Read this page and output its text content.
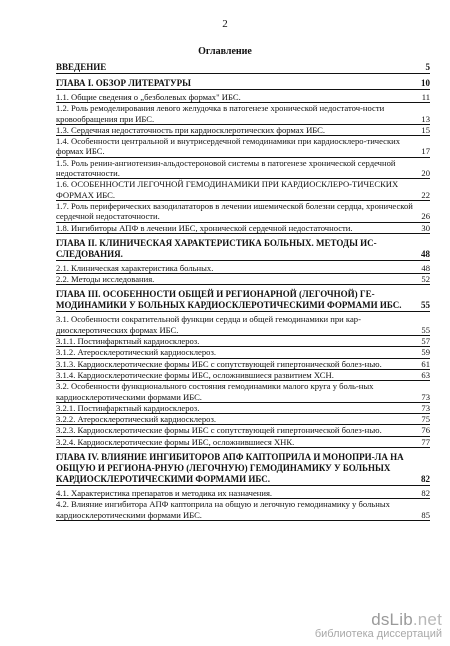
2
Оглавление
ВВЕДЕНИЕ	5
ГЛАВА I. ОБЗОР ЛИТЕРАТУРЫ	10
1.1. Общие сведения о „безболевых формах" ИБС.	11
1.2. Роль ремоделирования левого желудочка в патогенезе хронической недостаточ-ности кровообращения при ИБС.	13
1.3. Сердечная недостаточность при кардиосклеротических формах ИБС.	15
1.4. Особенности центральной и внутрисердечной гемодинамики при кардиосклеро-тических формах ИБС.	17
1.5. Роль ренин-ангиотензин-альдостероновой системы в патогенезе хронической сердечной недостаточности.	20
1.6. ОСОБЕННОСТИ ЛЕГОЧНОЙ ГЕМОДИНАМИКИ ПРИ КАРДИОСКЛЕРО-ТИЧЕСКИХ ФОРМАХ ИБС.	22
1.7. Роль периферических вазодилататоров в лечении ишемической болезни сердца, хронической сердечной недостаточности.	26
1.8. Ингибиторы АПФ в лечении ИБС, хронической сердечной недостаточности.	30
ГЛАВА II. КЛИНИЧЕСКАЯ ХАРАКТЕРИСТИКА БОЛЬНЫХ. МЕТОДЫ ИС-СЛЕДОВАНИЯ.	48
2.1. Клиническая характеристика больных.	48
2.2. Методы исследования.	52
ГЛАВА III. ОСОБЕННОСТИ ОБЩЕЙ И РЕГИОНАРНОЙ (ЛЕГОЧНОЙ) ГЕ-МОДИНАМИКИ У БОЛЬНЫХ КАРДИОСКЛЕРОТИЧЕСКИМИ ФОРМАМИ ИБС.	55
3.1. Особенности сократительной функции сердца и общей гемодинамики при кар-диосклеротических формах ИБС.	55
3.1.1. Постинфарктный кардиосклероз.	57
3.1.2. Атеросклеротический кардиосклероз.	59
3.1.3. Кардиосклеротические формы ИБС с сопутствующей гипертонической болез-нью.	61
3.1.4. Кардиосклеротические формы ИБС, осложнившиеся развитием ХСН.	63
3.2. Особенности функционального состояния гемодинамики малого круга у боль-ных кардиосклеротическими формами ИБС.	73
3.2.1. Постинфарктный кардиосклероз.	73
3.2.2. Атеросклеротический кардиосклероз.	75
3.2.3. Кардиосклеротические формы ИБС с сопутствующей гипертонической болез-нью.	76
3.2.4. Кардиосклеротические формы ИБС, осложнившиеся ХНК.	77
ГЛАВА IV. ВЛИЯНИЕ ИНГИБИТОРОВ АПФ КАПТОПРИЛА И МОНОПРИ-ЛА НА ОБЩУЮ И РЕГИОНА-РНУЮ (ЛЕГОЧНУЮ) ГЕМОДИНАМИКУ У БОЛЬНЫХ КАРДИОСКЛЕРОТИЧЕСКИМИ ФОРМАМИ ИБС.	82
4.1. Характеристика препаратов и методика их назначения.	82
4.2. Влияние ингибитора АПФ каптоприла на общую и легочную гемодинамику у больных кардиосклеротическими формами ИБС.	85
dsLib.net
библиотека диссертаций
